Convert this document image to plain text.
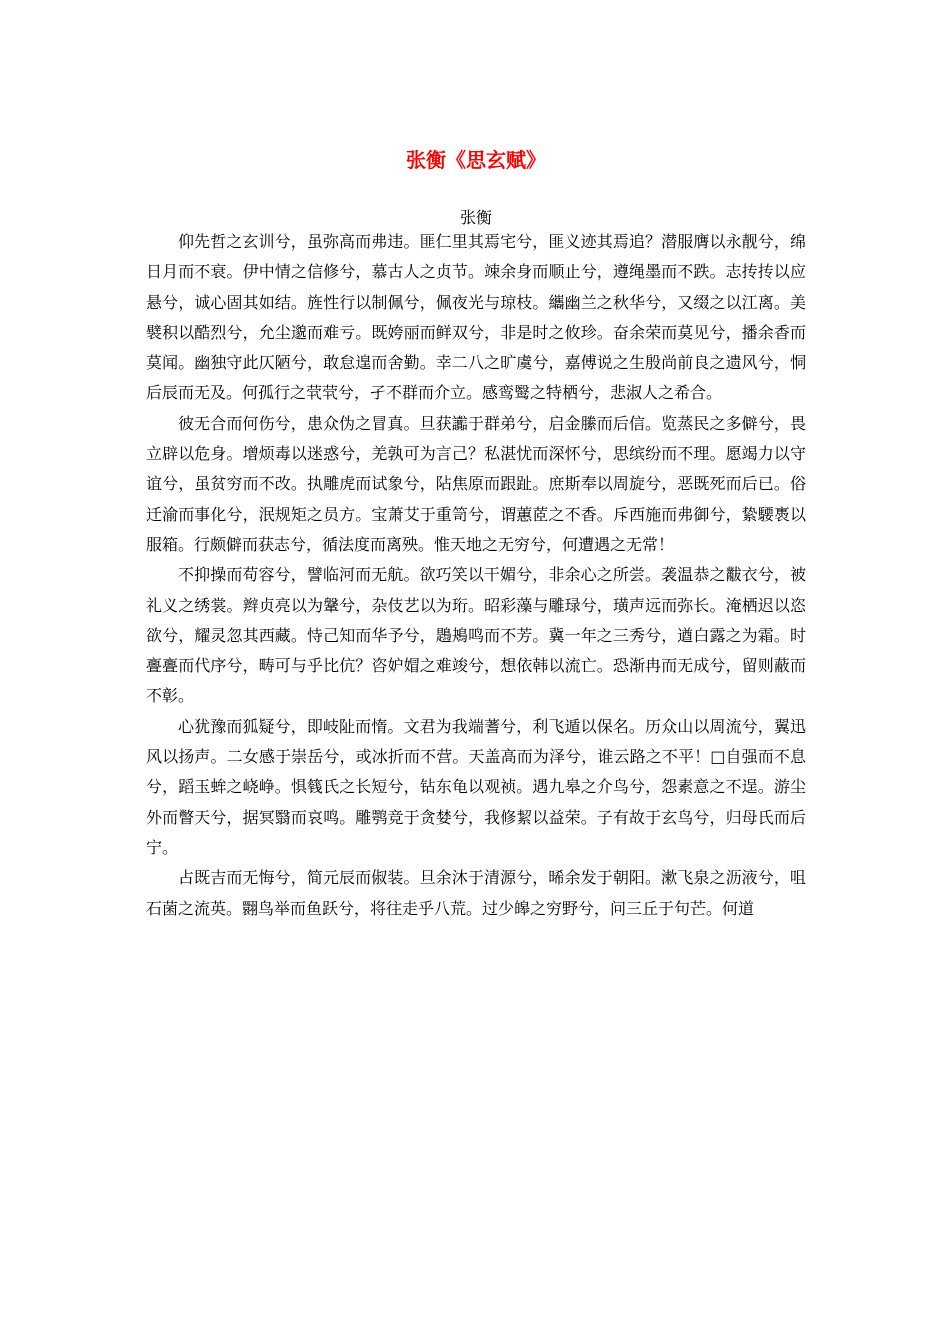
张衡《思玄赋》
张衡

仰先哲之玄训兮，虽弥高而弗违。匪仁里其焉宅兮，匪义迹其焉追？潜服膺以永靓兮，绵日月而不衰。伊中情之信修兮，慕古人之贞节。竦余身而顺止兮，遵绳墨而不跌。志抟抟以应悬兮，诚心固其如结。旌性行以制佩兮，佩夜光与琼枝。纗幽兰之秋华兮，又缀之以江离。美襞积以酷烈兮，允尘邈而难亏。既姱丽而鲜双兮，非是时之攸珍。奋余荣而莫见兮，播余香而莫闻。幽独守此仄陋兮，敢怠遑而舍勤。幸二八之旷虞兮，嘉傅说之生殷尚前良之遗风兮，恫后辰而无及。何孤行之茕茕兮，孑不群而介立。感鸾鹥之特栖兮，悲淑人之希合。

彼无合而何伤兮，患众伪之冒真。旦获讟于群弟兮，启金縢而后信。览蒸民之多僻兮，畏立辟以危身。增烦毒以迷惑兮，羌孰可为言己？私湛忧而深怀兮，思缤纷而不理。愿竭力以守谊兮，虽贫穷而不改。执雕虎而试象兮，阽焦原而跟趾。庶斯奉以周旋兮，恶既死而后已。俗迁渝而事化兮，泯规矩之员方。宝萧艾于重笥兮，谓蕙茝之不香。斥西施而弗御兮，絷騕褭以服箱。行颇僻而获志兮，循法度而离殃。惟天地之无穷兮，何遭遇之无常！

不抑操而苟容兮，譬临河而无航。欲巧笑以干媚兮，非余心之所尝。袭温恭之黻衣兮，被礼义之绣裳。辫贞亮以为鞶兮，杂伎艺以为珩。昭彩藻与雕琭兮，璜声远而弥长。淹栖迟以恣欲兮，耀灵忽其西藏。恃己知而华予兮，鶗鴂鸣而不芳。冀一年之三秀兮，遒白露之为霜。时亹亹而代序兮，畴可与乎比伉？咨妒媢之难竣兮，想依韩以流亡。恐渐冉而无成兮，留则蔽而不彰。

心犹豫而狐疑兮，即岐阯而惰。文君为我端蓍兮，利飞遁以保名。历众山以周流兮，翼迅风以扬声。二女感于崇岳兮，或冰折而不营。天盖高而为泽兮，谁云路之不平！□自强而不息兮，蹈玉蛑之峣峥。惧篯氏之长短兮，钻东龟以观祯。遇九皋之介鸟兮，怨素意之不逞。游尘外而瞥天兮，据冥翳而哀鸣。雕鹗竞于贪婪兮，我修絜以益荣。子有故于玄鸟兮，归母氏而后宁。

占既吉而无悔兮，简元辰而俶装。旦余沐于清源兮，晞余发于朝阳。漱飞泉之沥液兮，咀石菌之流英。翾鸟举而鱼跃兮，将往走乎八荒。过少皞之穷野兮，问三丘于句芒。何道
